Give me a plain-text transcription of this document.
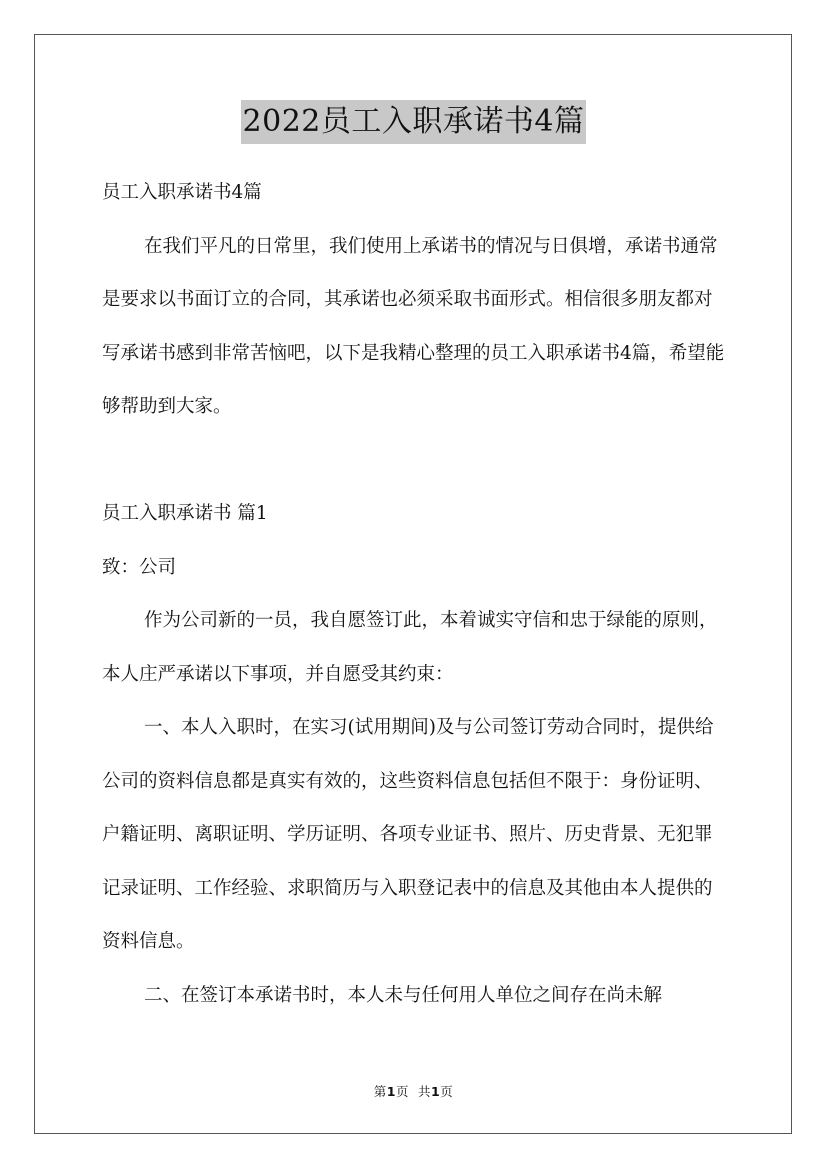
2022员工入职承诺书4篇

员工入职承诺书4篇

在我们平凡的日常里，我们使用上承诺书的情况与日俱增，承诺书通常是要求以书面订立的合同，其承诺也必须采取书面形式。相信很多朋友都对写承诺书感到非常苦恼吧，以下是我精心整理的员工入职承诺书4篇，希望能够帮助到大家。

员工入职承诺书 篇1

致：公司

作为公司新的一员，我自愿签订此，本着诚实守信和忠于绿能的原则，本人庄严承诺以下事项，并自愿受其约束：

一、本人入职时，在实习(试用期间)及与公司签订劳动合同时，提供给公司的资料信息都是真实有效的，这些资料信息包括但不限于：身份证明、户籍证明、离职证明、学历证明、各项专业证书、照片、历史背景、无犯罪记录证明、工作经验、求职简历与入职登记表中的信息及其他由本人提供的资料信息。

二、在签订本承诺书时，本人未与任何用人单位之间存在尚未解

第1页 共1页
